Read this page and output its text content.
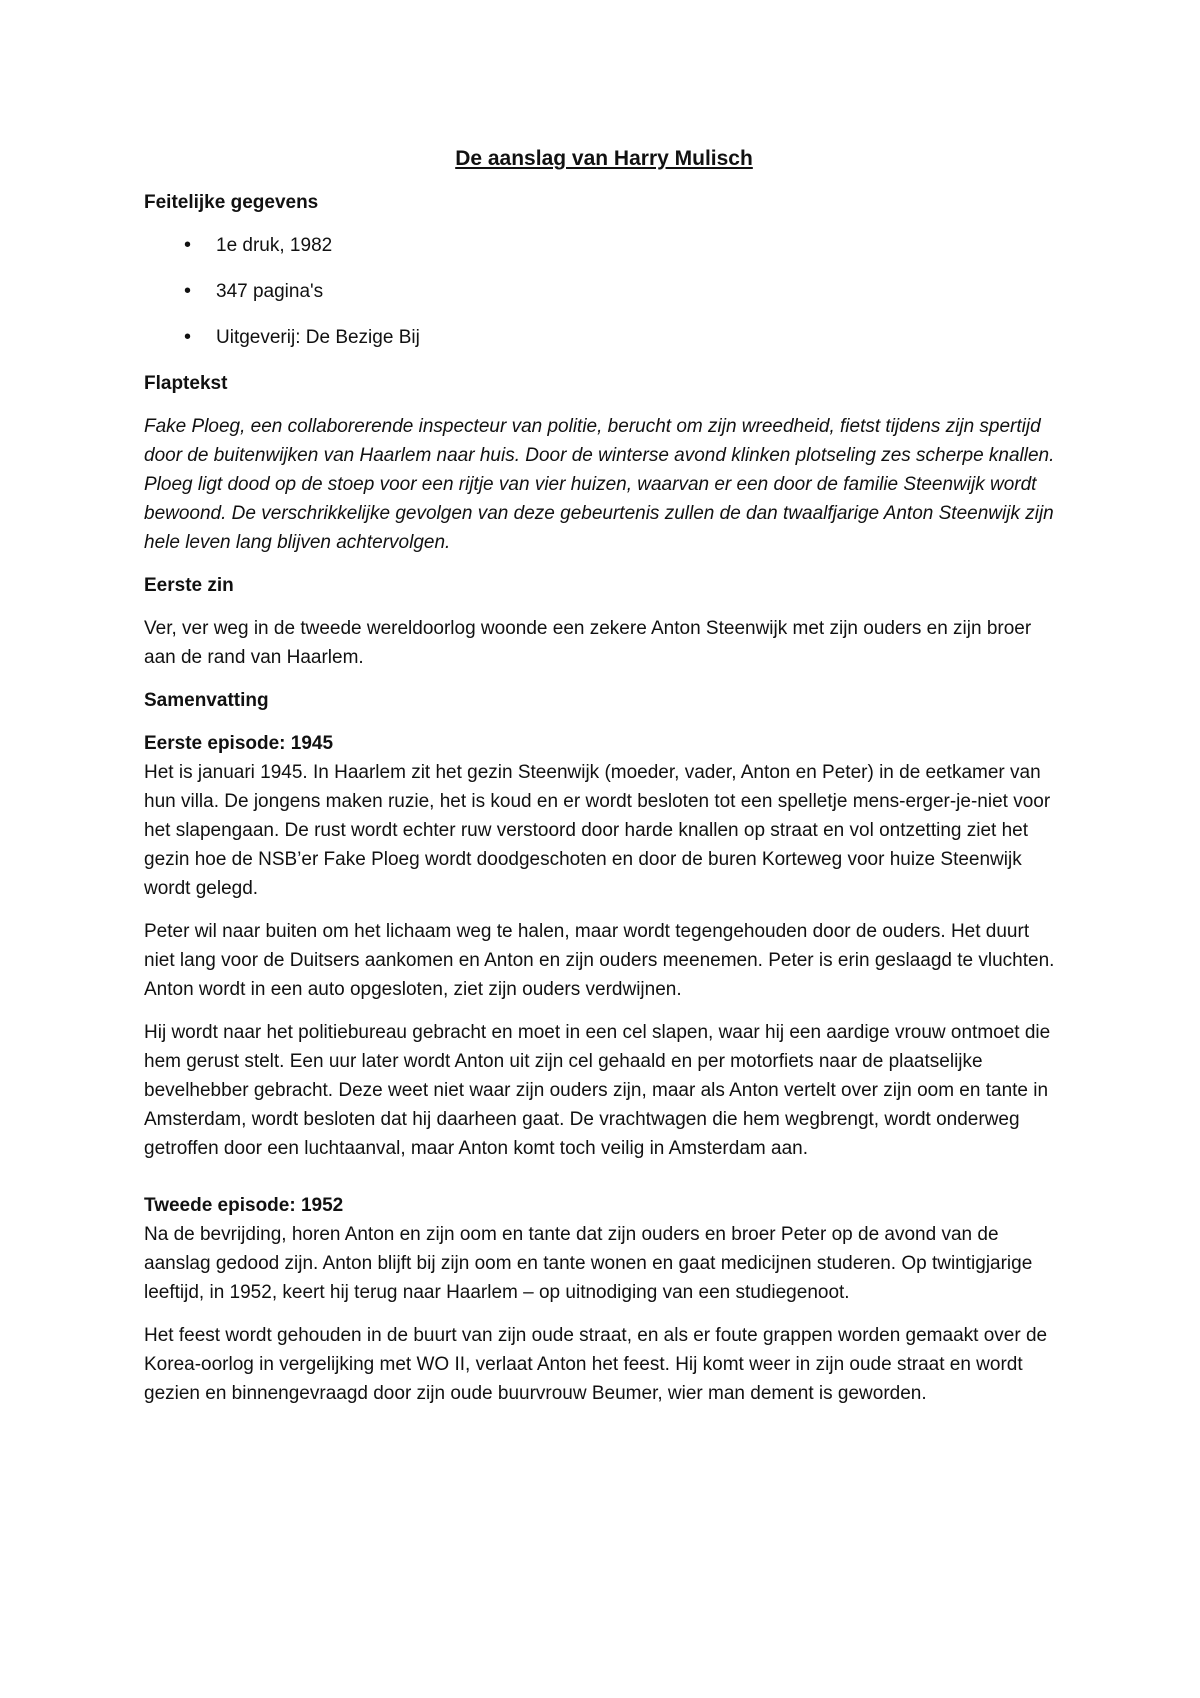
De aanslag van Harry Mulisch
Feitelijke gegevens
• 1e druk, 1982
• 347 pagina's
• Uitgeverij: De Bezige Bij
Flaptekst

Fake Ploeg, een collaborerende inspecteur van politie, berucht om zijn wreedheid, fietst tijdens zijn spertijd door de buitenwijken van Haarlem naar huis. Door de winterse avond klinken plotseling zes scherpe knallen. Ploeg ligt dood op de stoep voor een rijtje van vier huizen, waarvan er een door de familie Steenwijk wordt bewoond. De verschrikkelijke gevolgen van deze gebeurtenis zullen de dan twaalfjarige Anton Steenwijk zijn hele leven lang blijven achtervolgen.

Eerste zin

Ver, ver weg in de tweede wereldoorlog woonde een zekere Anton Steenwijk met zijn ouders en zijn broer aan de rand van Haarlem.

Samenvatting
Eerste episode: 1945
Het is januari 1945. In Haarlem zit het gezin Steenwijk (moeder, vader, Anton en Peter) in de eetkamer van hun villa. De jongens maken ruzie, het is koud en er wordt besloten tot een spelletje mens-erger-je-niet voor het slapengaan. De rust wordt echter ruw verstoord door harde knallen op straat en vol ontzetting ziet het gezin hoe de NSB’er Fake Ploeg wordt doodgeschoten en door de buren Korteweg voor huize Steenwijk wordt gelegd.

Peter wil naar buiten om het lichaam weg te halen, maar wordt tegengehouden door de ouders. Het duurt niet lang voor de Duitsers aankomen en Anton en zijn ouders meenemen. Peter is erin geslaagd te vluchten. Anton wordt in een auto opgesloten, ziet zijn ouders verdwijnen.

Hij wordt naar het politiebureau gebracht en moet in een cel slapen, waar hij een aardige vrouw ontmoet die hem gerust stelt. Een uur later wordt Anton uit zijn cel gehaald en per motorfiets naar de plaatselijke bevelhebber gebracht. Deze weet niet waar zijn ouders zijn, maar als Anton vertelt over zijn oom en tante in Amsterdam, wordt besloten dat hij daarheen gaat. De vrachtwagen die hem wegbrengt, wordt onderweg getroffen door een luchtaanval, maar Anton komt toch veilig in Amsterdam aan.

Tweede episode: 1952
Na de bevrijding, horen Anton en zijn oom en tante dat zijn ouders en broer Peter op de avond van de aanslag gedood zijn. Anton blijft bij zijn oom en tante wonen en gaat medicijnen studeren. Op twintigjarige leeftijd, in 1952, keert hij terug naar Haarlem – op uitnodiging van een studiegenoot.

Het feest wordt gehouden in de buurt van zijn oude straat, en als er foute grappen worden gemaakt over de Korea-oorlog in vergelijking met WO II, verlaat Anton het feest. Hij komt weer in zijn oude straat en wordt gezien en binnengevraagd door zijn oude buurvrouw Beumer, wier man dement is geworden.
